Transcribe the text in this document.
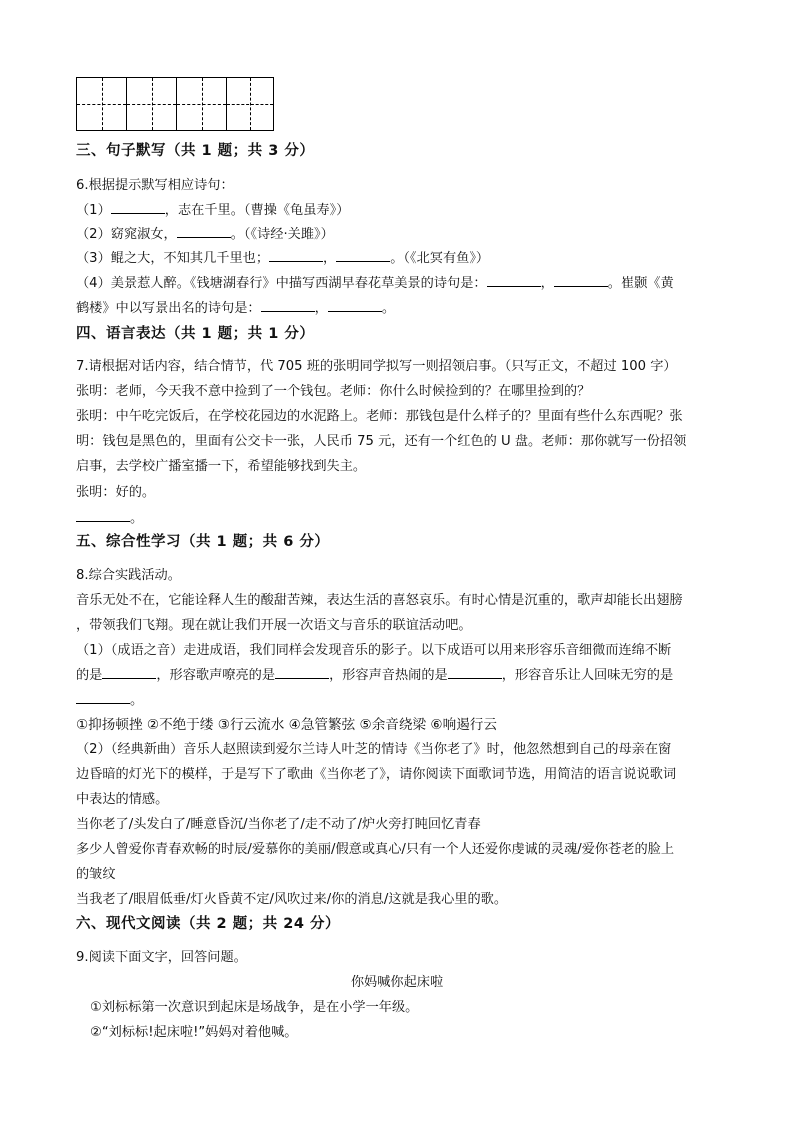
三、句子默写（共 1 题；共 3 分）
6.根据提示默写相应诗句：
（1）	，志在千里。（曹操《龟虽寿》）
（2）窈窕淑女，	。（《诗经·关雎》）
（3）鲲之大，不知其几千里也；	，	。（《北冥有鱼》）
（4）美景惹人醉。《钱塘湖春行》中描写西湖早春花草美景的诗句是：	，	。崔颢《黄
鹤楼》中以写景出名的诗句是：	，	。
四、语言表达（共 1 题；共 1 分）
7.请根据对话内容，结合情节，代 705 班的张明同学拟写一则招领启事。（只写正文，不超过 100 字）
张明：老师，今天我不意中捡到了一个钱包。老师：你什么时候捡到的？在哪里捡到的？
张明：中午吃完饭后，在学校花园边的水泥路上。老师：那钱包是什么样子的？里面有些什么东西呢？张
明：钱包是黑色的，里面有公交卡一张，人民币 75 元，还有一个红色的 U 盘。老师：那你就写一份招领
启事，去学校广播室播一下，希望能够找到失主。
张明：好的。
。
五、综合性学习（共 1 题；共 6 分）
8.综合实践活动。
音乐无处不在，它能诠释人生的酸甜苦辣，表达生活的喜怒哀乐。有时心情是沉重的，歌声却能长出翅膀
，带领我们飞翔。现在就让我们开展一次语文与音乐的联谊活动吧。
（1）（成语之音）走进成语，我们同样会发现音乐的影子。以下成语可以用来形容乐音细微而连绵不断
的是	，形容歌声嘹亮的是	，形容声音热闹的是	，形容音乐让人回味无穷的是
。
①抑扬顿挫 ②不绝于缕 ③行云流水 ④急管繁弦 ⑤余音绕梁 ⑥响遏行云
（2）（经典新曲）音乐人赵照读到爱尔兰诗人叶芝的情诗《当你老了》时，他忽然想到自己的母亲在窗
边昏暗的灯光下的模样，于是写下了歌曲《当你老了》，请你阅读下面歌词节选，用简洁的语言说说歌词
中表达的情感。
当你老了/头发白了/睡意昏沉/当你老了/走不动了/炉火旁打盹回忆青春
多少人曾爱你青春欢畅的时辰/爱慕你的美丽/假意或真心/只有一个人还爱你虔诚的灵魂/爱你苍老的脸上
的皱纹
当我老了/眼眉低垂/灯火昏黄不定/风吹过来/你的消息/这就是我心里的歌。
六、现代文阅读（共 2 题；共 24 分）
9.阅读下面文字，回答问题。
你妈喊你起床啦
①刘标标第一次意识到起床是场战争，是在小学一年级。
②“刘标标!起床啦!”妈妈对着他喊。
